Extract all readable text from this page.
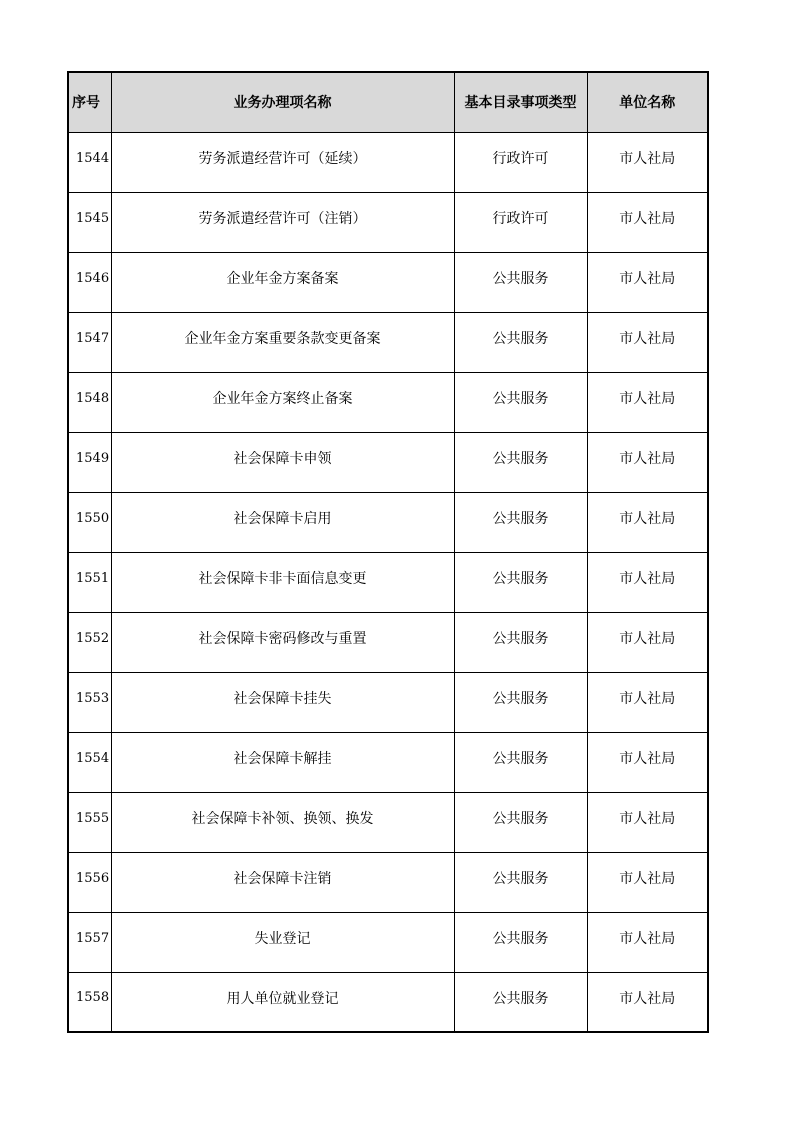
序号	业务办理项名称	基本目录事项类型	单位名称
1544	劳务派遣经营许可（延续）	行政许可	市人社局
1545	劳务派遣经营许可（注销）	行政许可	市人社局
1546	企业年金方案备案	公共服务	市人社局
1547	企业年金方案重要条款变更备案	公共服务	市人社局
1548	企业年金方案终止备案	公共服务	市人社局
1549	社会保障卡申领	公共服务	市人社局
1550	社会保障卡启用	公共服务	市人社局
1551	社会保障卡非卡面信息变更	公共服务	市人社局
1552	社会保障卡密码修改与重置	公共服务	市人社局
1553	社会保障卡挂失	公共服务	市人社局
1554	社会保障卡解挂	公共服务	市人社局
1555	社会保障卡补领、换领、换发	公共服务	市人社局
1556	社会保障卡注销	公共服务	市人社局
1557	失业登记	公共服务	市人社局
1558	用人单位就业登记	公共服务	市人社局
